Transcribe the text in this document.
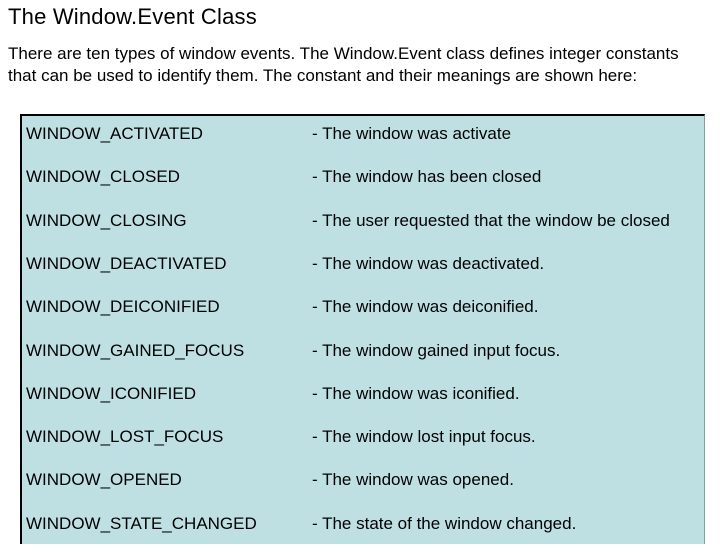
The Window.Event Class
There are ten types of window events. The Window.Event class defines integer constants
that can be used to identify them. The constant and their meanings are shown here:
WINDOW_ACTIVATED	- The window was activate
WINDOW_CLOSED	- The window has been closed
WINDOW_CLOSING	- The user requested that the window be closed
WINDOW_DEACTIVATED	- The window was deactivated.
WINDOW_DEICONIFIED	- The window was deiconified.
WINDOW_GAINED_FOCUS	- The window gained input focus.
WINDOW_ICONIFIED	- The window was iconified.
WINDOW_LOST_FOCUS	- The window lost input focus.
WINDOW_OPENED	- The window was opened.
WINDOW_STATE_CHANGED	- The state of the window changed.
